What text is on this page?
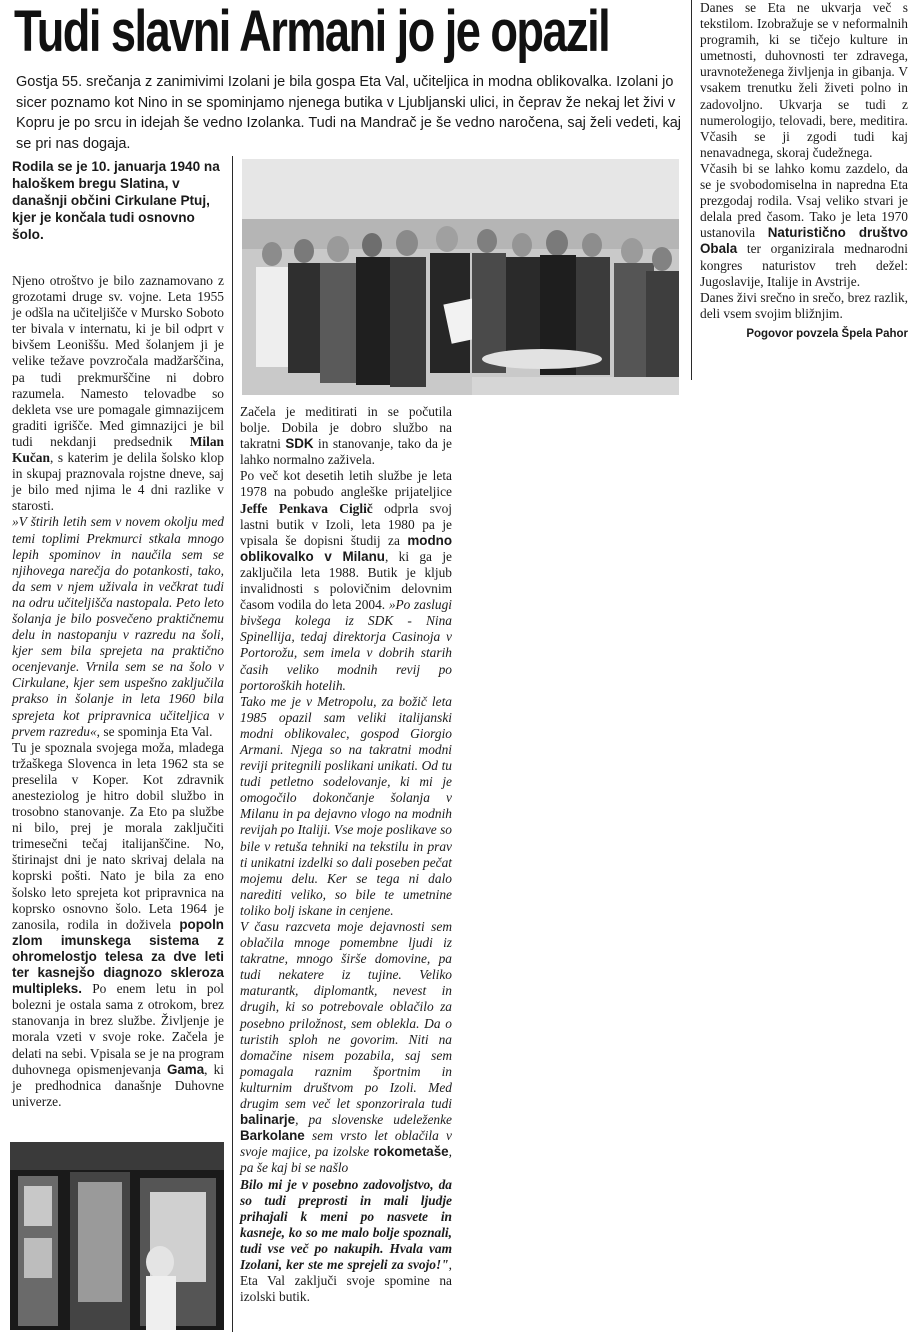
Tudi slavni Armani jo je opazil
Gostja 55. srečanja z zanimivimi Izolani je bila gospa Eta Val, učiteljica in modna oblikovalka. Izolani jo sicer poznamo kot Nino in se spominjamo njenega butika v Ljubljanski ulici, in čeprav že nekaj let živi v Kopru je po srcu in idejah še vedno Izolanka. Tudi na Mandrač je še vedno naročena, saj želi vedeti, kaj se pri nas dogaja.

Rodila se je 10. januarja 1940 na haloškem bregu Slatina, v današnji občini Cirkulane Ptuj, kjer je končala tudi osnovno šolo.

Njeno otroštvo je bilo zaznamovano z grozotami druge sv. vojne. Leta 1955 je odšla na učiteljišče v Mursko Soboto ter bivala v internatu, ki je bil odprt v bivšem Leoniššu. Med šolanjem ji je velike težave povzročala madžarščina, pa tudi prekmurščine ni dobro razumela. Namesto telovadbe so dekleta vse ure pomagale gimnazijcem graditi igrišče. Med gimnazijci je bil tudi nekdanji predsednik Milan Kučan, s katerim je delila šolsko klop in skupaj praznovala rojstne dneve, saj je bilo med njima le 4 dni razlike v starosti.

»V štirih letih sem v novem okolju med temi toplimi Prekmurci stkala mnogo lepih spominov in naučila sem se njihovega narečja do potankosti, tako, da sem v njem uživala in večkrat tudi na odru učiteljišča nastopala. Peto leto šolanja je bilo posvečeno praktičnemu delu in nastopanju v razredu na šoli, kjer sem bila sprejeta na praktično ocenjevanje. Vrnila sem se na šolo v Cirkulane, kjer sem uspešno zaključila prakso in šolanje in leta 1960 bila sprejeta kot pripravnica učiteljica v prvem razredu«, se spominja Eta Val.

Tu je spoznala svojega moža, mladega tržaškega Slovenca in leta 1962 sta se preselila v Koper. Kot zdravnik anesteziolog je hitro dobil službo in trosobno stanovanje. Za Eto pa službe ni bilo, prej je morala zaključiti trimesečni tečaj italijanščine. No, štirinajst dni je nato skrivaj delala na koprski pošti. Nato je bila za eno šolsko leto sprejeta kot pripravnica na koprsko osnovno šolo. Leta 1964 je zanosila, rodila in doživela popoln zlom imunskega sistema z ohromelostjo telesa za dve leti ter kasnejšo diagnozo skleroza multipleks. Po enem letu in pol bolezni je ostala sama z otrokom, brez stanovanja in brez službe. Življenje je morala vzeti v svoje roke. Začela je delati na sebi. Vpisala se je na program duhovnega opismenjevanja Gama, ki je predhodnica današnje Duhovne univerze.

Začela je meditirati in se počutila bolje. Dobila je dobro službo na takratni SDK in stanovanje, tako da je lahko normalno zaživela.

Po več kot desetih letih službe je leta 1978 na pobudo angleške prijateljice Jeffe Penkava Ciglič odprla svoj lastni butik v Izoli, leta 1980 pa je vpisala še dopisni študij za modno oblikovalko v Milanu, ki ga je zaključila leta 1988. Butik je kljub invalidnosti s polovičnim delovnim časom vodila do leta 2004. »Po zaslugi bivšega kolega iz SDK - Nina Spinellija, tedaj direktorja Casinoja v Portorožu, sem imela v dobrih starih časih veliko modnih revij po portoroških hotelih.

Tako me je v Metropolu, za božič leta 1985 opazil sam veliki italijanski modni oblikovalec, gospod Giorgio Armani. Njega so na takratni modni reviji pritegnili poslikani unikati. Od tu tudi petletno sodelovanje, ki mi je omogočilo dokončanje šolanja v Milanu in pa dejavno vlogo na modnih revijah po Italiji. Vse moje poslikave so bile v retuša tehniki na tekstilu in prav ti unikatni izdelki so dali poseben pečat mojemu delu. Ker se tega ni dalo narediti veliko, so bile te umetnine toliko bolj iskane in cenjene.

V času razcveta moje dejavnosti sem oblačila mnoge pomembne ljudi iz takratne, mnogo širše domovine, pa tudi nekatere iz tujine. Veliko maturantk, diplomantk, nevest in drugih, ki so potrebovale oblačilo za posebno priložnost, sem oblekla. Da o turistih sploh ne govorim. Niti na domačine nisem pozabila, saj sem pomagala raznim športnim in kulturnim društvom po Izoli. Med drugim sem več let sponzorirala tudi balinarje, pa slovenske udeleženke Barkolane sem vrsto let oblačila v svoje majice, pa izolske rokometaše, pa še kaj bi se našlo

Bilo mi je v posebno zadovoljstvo, da so tudi preprosti in mali ljudje prihajali k meni po nasvete in kasneje, ko so me malo bolje spoznali, tudi vse več po nakupih. Hvala vam Izolani, ker ste me sprejeli za svojo!", Eta Val zaključi svoje spomine na izolski butik.

Danes se Eta ne ukvarja več s tekstilom. Izobražuje se v neformalnih programih, ki se tičejo kulture in umetnosti, duhovnosti ter zdravega, uravnoteženega življenja in gibanja. V vsakem trenutku želi živeti polno in zadovoljno. Ukvarja se tudi z numerologijo, telovadi, bere, meditira. Včasih se ji zgodi tudi kaj nenavadnega, skoraj čudežnega.

Včasih bi se lahko komu zazdelo, da se je svobodomiselna in napredna Eta prezgodaj rodila. Vsaj veliko stvari je delala pred časom. Tako je leta 1970 ustanovila Naturistično društvo Obala ter organizirala mednarodni kongres naturistov treh dežel: Jugoslavije, Italije in Avstrije.

Danes živi srečno in srečo, brez razlik, deli vsem svojim bližnjim.

Pogovor povzela Špela Pahor
